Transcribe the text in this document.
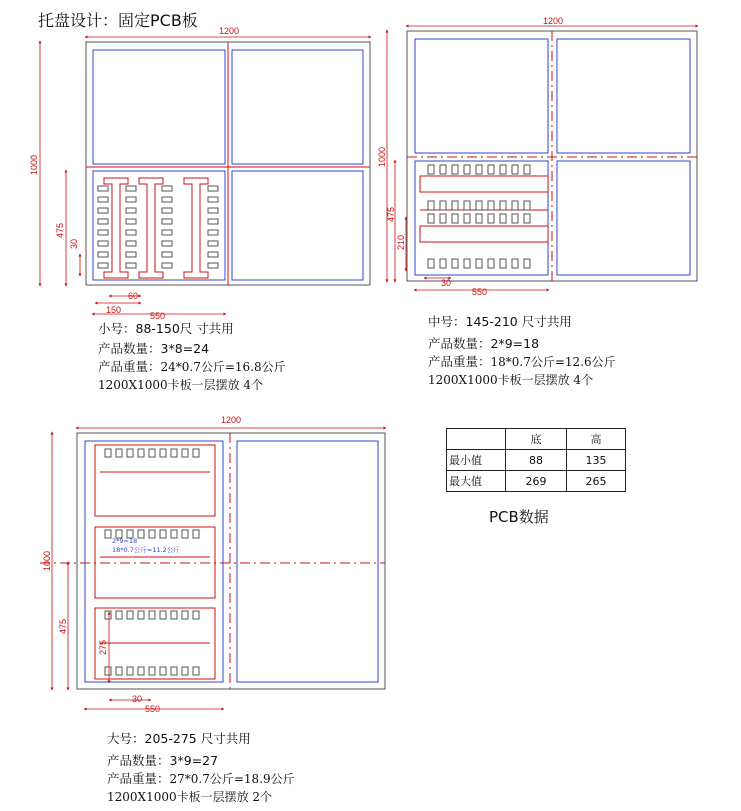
托盘设计：固定PCB板
1200
1000
475
30
60
150
550
1200
1000
475
210
30
550
1200
1000
475
275
30
550
2*9=18
18*0.7公斤=11.2公斤
小号：88-150尺 寸共用
产品数量：3*8=24
产品重量：24*0.7公斤=16.8公斤
1200X1000卡板一层摆放 4个
中号：145-210 尺寸共用
产品数量：2*9=18
产品重量：18*0.7公斤=12.6公斤
1200X1000卡板一层摆放 4个
大号：205-275 尺寸共用
产品数量：3*9=27
产品重量：27*0.7公斤=18.9公斤
1200X1000卡板一层摆放 2个
	底	高
最小值	88	135
最大值	269	265
PCB数据
